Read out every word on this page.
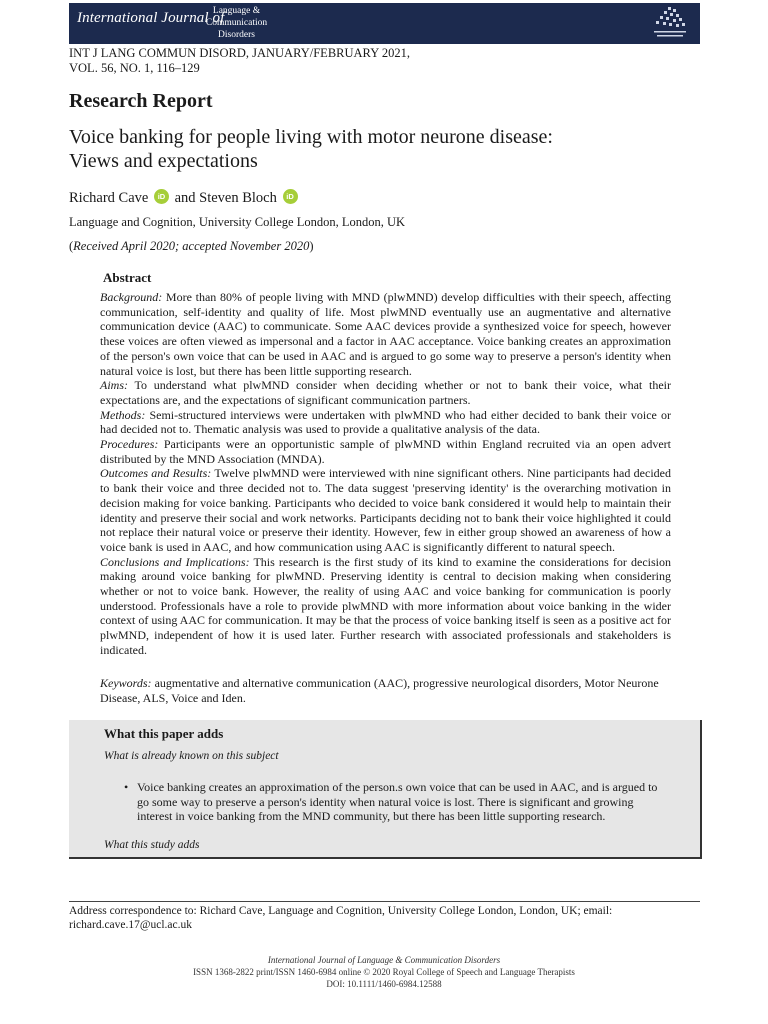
International Journal of
Language &
Communication
Disorders
INT J LANG COMMUN DISORD, JANUARY/FEBRUARY 2021,
VOL. 56, NO. 1, 116–129
Research Report
Voice banking for people living with motor neurone disease:
Views and expectations
Richard Cave iD and Steven Bloch iD
Language and Cognition, University College London, London, UK
(Received April 2020; accepted November 2020)
Abstract

Background: More than 80% of people living with MND (plwMND) develop difficulties with their speech, affecting communication, self-identity and quality of life. Most plwMND eventually use an augmentative and alternative communication device (AAC) to communicate. Some AAC devices provide a synthesized voice for speech, however these voices are often viewed as impersonal and a factor in AAC acceptance. Voice banking creates an approximation of the person's own voice that can be used in AAC and is argued to go some way to preserve a person's identity when natural voice is lost, but there has been little supporting research.

Aims: To understand what plwMND consider when deciding whether or not to bank their voice, what their expectations are, and the expectations of significant communication partners.

Methods: Semi-structured interviews were undertaken with plwMND who had either decided to bank their voice or had decided not to. Thematic analysis was used to provide a qualitative analysis of the data.

Procedures: Participants were an opportunistic sample of plwMND within England recruited via an open advert distributed by the MND Association (MNDA).

Outcomes and Results: Twelve plwMND were interviewed with nine significant others. Nine participants had decided to bank their voice and three decided not to. The data suggest 'preserving identity' is the overarching motivation in decision making for voice banking. Participants who decided to voice bank considered it would help to maintain their identity and preserve their social and work networks. Participants deciding not to bank their voice highlighted it could not replace their natural voice or preserve their identity. However, few in either group showed an awareness of how a voice bank is used in AAC, and how communication using AAC is significantly different to natural speech.

Conclusions and Implications: This research is the first study of its kind to examine the considerations for decision making around voice banking for plwMND. Preserving identity is central to decision making when considering whether or not to voice bank. However, the reality of using AAC and voice banking for communication is poorly understood. Professionals have a role to provide plwMND with more information about voice banking in the wider context of using AAC for communication. It may be that the process of voice banking itself is seen as a positive act for plwMND, independent of how it is used later. Further research with associated professionals and stakeholders is indicated.

Keywords: augmentative and alternative communication (AAC), progressive neurological disorders, Motor Neurone Disease, ALS, Voice and Iden.
What this paper adds
What is already known on this subject
• Voice banking creates an approximation of the person.s own voice that can be used in AAC, and is argued to go some way to preserve a person's identity when natural voice is lost. There is significant and growing interest in voice banking from the MND community, but there has been little supporting research.
What this study adds
Address correspondence to: Richard Cave, Language and Cognition, University College London, London, UK; email: richard.cave.17@ucl.ac.uk
International Journal of Language & Communication Disorders
ISSN 1368-2822 print/ISSN 1460-6984 online © 2020 Royal College of Speech and Language Therapists
DOI: 10.1111/1460-6984.12588
